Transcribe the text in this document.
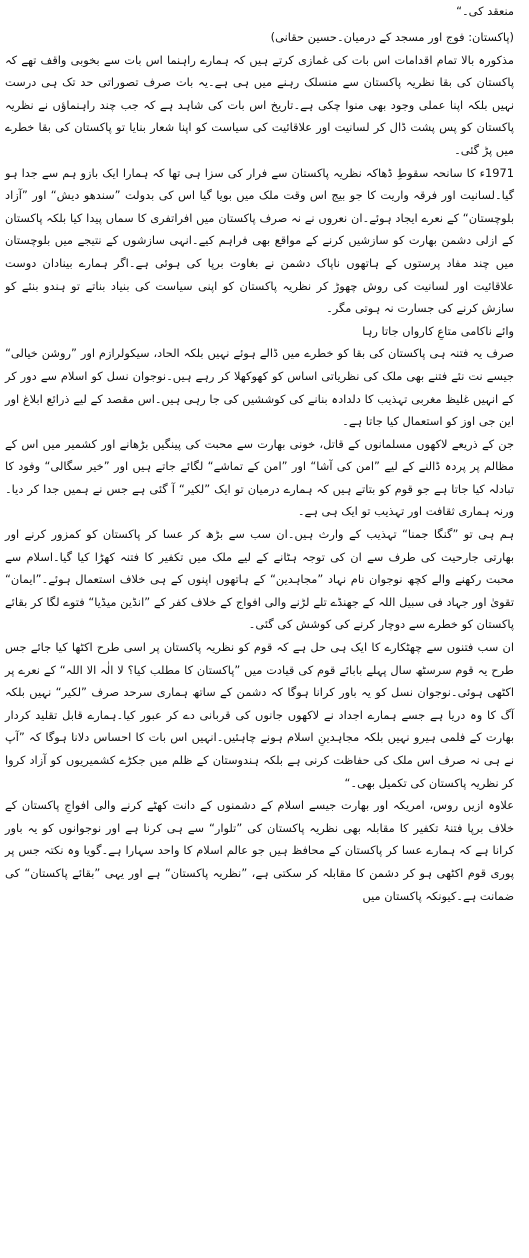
منعقد کی۔“

(پاکستان: فوج اور مسجد کے درمیان۔حسین حقانی)

مذکورہ بالا تمام اقدامات اس بات کی غمازی کرتے ہیں کہ ہمارے راہنما اس بات سے بخوبی واقف تھے کہ پاکستان کی بقا نظریہ پاکستان سے منسلک رہنے میں ہی ہے۔یہ بات صرف تصوراتی حد تک ہی درست نہیں بلکہ اپنا عملی وجود بھی منوا چکی ہے۔تاریخ اس بات کی شاہد ہے کہ جب چند راہنماؤں نے نظریہ پاکستان کو پس پشت ڈال کر لسانیت اور علاقائیت کی سیاست کو اپنا شعار بنایا تو پاکستان کی بقا خطرے میں پڑ گئی۔

1971ء کا سانحہ سقوطِ ڈھاکہ نظریہ پاکستان سے فرار کی سزا ہی تھا کہ ہمارا ایک بازو ہم سے جدا ہو گیا۔لسانیت اور فرقہ واریت کا جو بیج اس وقت ملک میں بویا گیا اس کی بدولت ”سندھو دیش“ اور ”آزاد بلوچستان“ کے نعرے ایجاد ہوئے۔ان نعروں نے نہ صرف پاکستان میں افراتفری کا سماں پیدا کیا بلکہ پاکستان کے ازلی دشمن بھارت کو سازشیں کرنے کے مواقع بھی فراہم کیے۔انہی سازشوں کے نتیجے میں بلوچستان میں چند مفاد پرستوں کے ہاتھوں ناپاک دشمن نے بغاوت برپا کی ہوئی ہے۔اگر ہمارے بینادان دوست علاقائیت اور لسانیت کی روش چھوڑ کر نظریہ پاکستان کو اپنی سیاست کی بنیاد بناتے تو ہندو بنئے کو سازش کرنے کی جسارت نہ ہوتی مگر۔

وائے ناکامی متاعِ کارواں جاتا رہا

صرف یہ فتنہ ہی پاکستان کی بقا کو خطرے میں ڈالے ہوئے نہیں بلکہ الحاد، سیکولرازم اور ”روشن خیالی“ جیسے نت نئے فتنے بھی ملک کی نظریاتی اساس کو کھوکھلا کر رہے ہیں۔نوجوان نسل کو اسلام سے دور کر کے انہیں غلیظ مغربی تہذیب کا دلدادہ بنانے کی کوششیں کی جا رہی ہیں۔اس مقصد کے لیے ذرائع ابلاغ اور این جی اوز کو استعمال کیا جاتا ہے۔

جن کے ذریعے لاکھوں مسلمانوں کے قاتل، خونی بھارت سے محبت کی پینگیں بڑھانے اور کشمیر میں اس کے مظالم پر پردہ ڈالنے کے لیے ”امن کی آشا“ اور ”امن کے تماشے“ لگائے جاتے ہیں اور ”خیر سگالی“ وفود کا تبادلہ کیا جاتا ہے جو قوم کو بتاتے ہیں کہ ہمارے درمیان تو ایک ”لکیر“ آ گئی ہے جس نے ہمیں جدا کر دیا۔ورنہ ہماری ثقافت اور تہذیب تو ایک ہی ہے۔

ہم ہی تو ”گنگا جمنا“ تہذیب کے وارث ہیں۔ان سب سے بڑھ کر عسا کر پاکستان کو کمزور کرنے اور بھارتی جارحیت کی طرف سے ان کی توجہ ہٹانے کے لیے ملک میں تکفیر کا فتنہ کھڑا کیا گیا۔اسلام سے محبت رکھنے والے کچھ نوجوان نام نہاد ”مجاہدین“ کے ہاتھوں اپنوں کے ہی خلاف استعمال ہوئے۔”ایمان“ تقویٰ اور جہاد فی سبیل اللہ کے جھنڈے تلے لڑنے والی افواج کے خلاف کفر کے ”انڈین میڈیا“ فتوے لگا کر بقائے پاکستان کو خطرے سے دوچار کرنے کی کوشش کی گئی۔

ان سب فتنوں سے چھٹکارے کا ایک ہی حل ہے کہ قوم کو نظریہ پاکستان پر اسی طرح اکٹھا کیا جائے جس طرح یہ قوم سرسٹھ سال پہلے بابائے قوم کی قیادت میں ”پاکستان کا مطلب کیا؟ لا الٰہ الا اللہ“ کے نعرے پر اکٹھی ہوئی۔نوجوان نسل کو یہ باور کرانا ہوگا کہ دشمن کے ساتھ ہماری سرحد صرف ”لکیر“ نہیں بلکہ آگ کا وہ دریا ہے جسے ہمارے اجداد نے لاکھوں جانوں کی قربانی دے کر عبور کیا۔ہمارے قابل تقلید کردار بھارت کے فلمی ہیرو نہیں بلکہ مجاہدینِ اسلام ہونے چاہئیں۔انہیں اس بات کا احساس دلانا ہوگا کہ ”آپ نے ہی نہ صرف اس ملک کی حفاظت کرنی ہے بلکہ ہندوستان کے ظلم میں جکڑے کشمیریوں کو آزاد کروا کر نظریہ پاکستان کی تکمیل بھی۔“

علاوہ ازیں روس، امریکہ اور بھارت جیسے اسلام کے دشمنوں کے دانت کھٹے کرنے والی افواجِ پاکستان کے خلاف برپا فتنۂ تکفیر کا مقابلہ بھی نظریہ پاکستان کی ”تلوار“ سے ہی کرنا ہے اور نوجوانوں کو یہ باور کرانا ہے کہ ہمارے عسا کر پاکستان کے محافظ ہیں جو عالم اسلام کا واحد سہارا ہے۔گویا وہ نکتہ جس پر پوری قوم اکٹھی ہو کر دشمن کا مقابلہ کر سکتی ہے، ”نظریہ پاکستان“ ہے اور یہی ”بقائے پاکستان“ کی ضمانت ہے۔کیونکہ پاکستان میں
